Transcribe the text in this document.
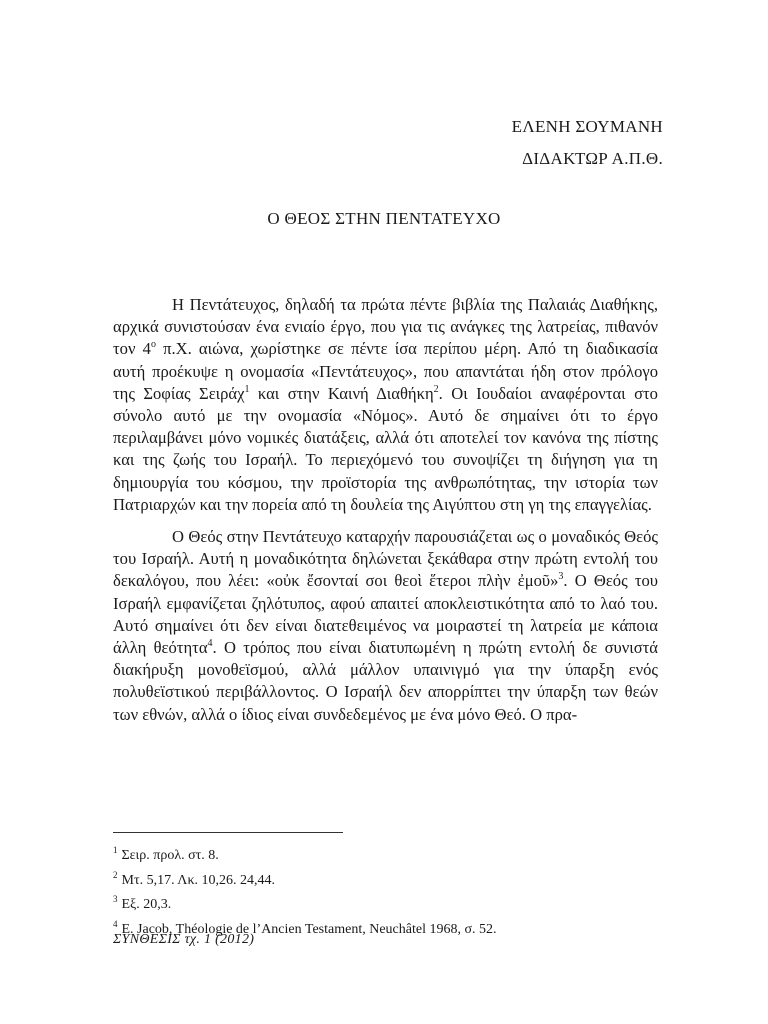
ΕΛΕΝΗ ΣΟΥΜΑΝΗ
ΔΙΔΑΚΤΩΡ Α.Π.Θ.
Ο ΘΕΟΣ ΣΤΗΝ ΠΕΝΤΑΤΕΥΧΟ

Η Πεντάτευχος, δηλαδή τα πρώτα πέντε βιβλία της Παλαιάς Διαθήκης, αρχικά συνιστούσαν ένα ενιαίο έργο, που για τις ανάγκες της λατρείας, πιθανόν τον $4^o$ π.Χ. αιώνα, χωρίστηκε σε πέντε ίσα περίπου μέρη. Από τη διαδικασία αυτή προέκυψε η ονομασία «Πεντάτευχος», που απαντάται ήδη στον πρόλογο της Σοφίας Σειράχ$^1$ και στην Καινή Διαθήκη$^2$. Οι Ιουδαίοι αναφέρονται στο σύνολο αυτό με την ονομασία «Νόμος». Αυτό δε σημαίνει ότι το έργο περιλαμβάνει μόνο νομικές διατάξεις, αλλά ότι αποτελεί τον κανόνα της πίστης και της ζωής του Ισραήλ. Το περιεχόμενό του συνοψίζει τη διήγηση για τη δημιουργία του κόσμου, την προϊστορία της ανθρωπότητας, την ιστορία των Πατριαρχών και την πορεία από τη δουλεία της Αιγύπτου στη γη της επαγγελίας.

Ο Θεός στην Πεντάτευχο καταρχήν παρουσιάζεται ως ο μοναδικός Θεός του Ισραήλ. Αυτή η μοναδικότητα δηλώνεται ξεκάθαρα στην πρώτη εντολή του δεκαλόγου, που λέει: «οὐκ ἔσονταί σοι θεοὶ ἕτεροι πλὴν ἐμοῦ»$^3$. Ο Θεός του Ισραήλ εμφανίζεται ζηλότυπος, αφού απαιτεί αποκλειστικότητα από το λαό του. Αυτό σημαίνει ότι δεν είναι διατεθειμένος να μοιραστεί τη λατρεία με κάποια άλλη θεότητα$^4$. Ο τρόπος που είναι διατυπωμένη η πρώτη εντολή δε συνιστά διακήρυξη μονοθεϊσμού, αλλά μάλλον υπαινιγμό για την ύπαρξη ενός πολυθεϊστικού περιβάλλοντος. Ο Ισραήλ δεν απορρίπτει την ύπαρξη των θεών των εθνών, αλλά ο ίδιος είναι συνδεδεμένος με ένα μόνο Θεό. Ο πρα-

$^1$ Σειρ. προλ. στ. 8.
$^2$ Μτ. 5,17. Λκ. 10,26. 24,44.
$^3$ Εξ. 20,3.
$^4$ E. Jacob, Théologie de l’Ancien Testament, Neuchâtel 1968, σ. 52.
ΣΥΝΘΕΣΙΣ τχ. 1 (2012)
